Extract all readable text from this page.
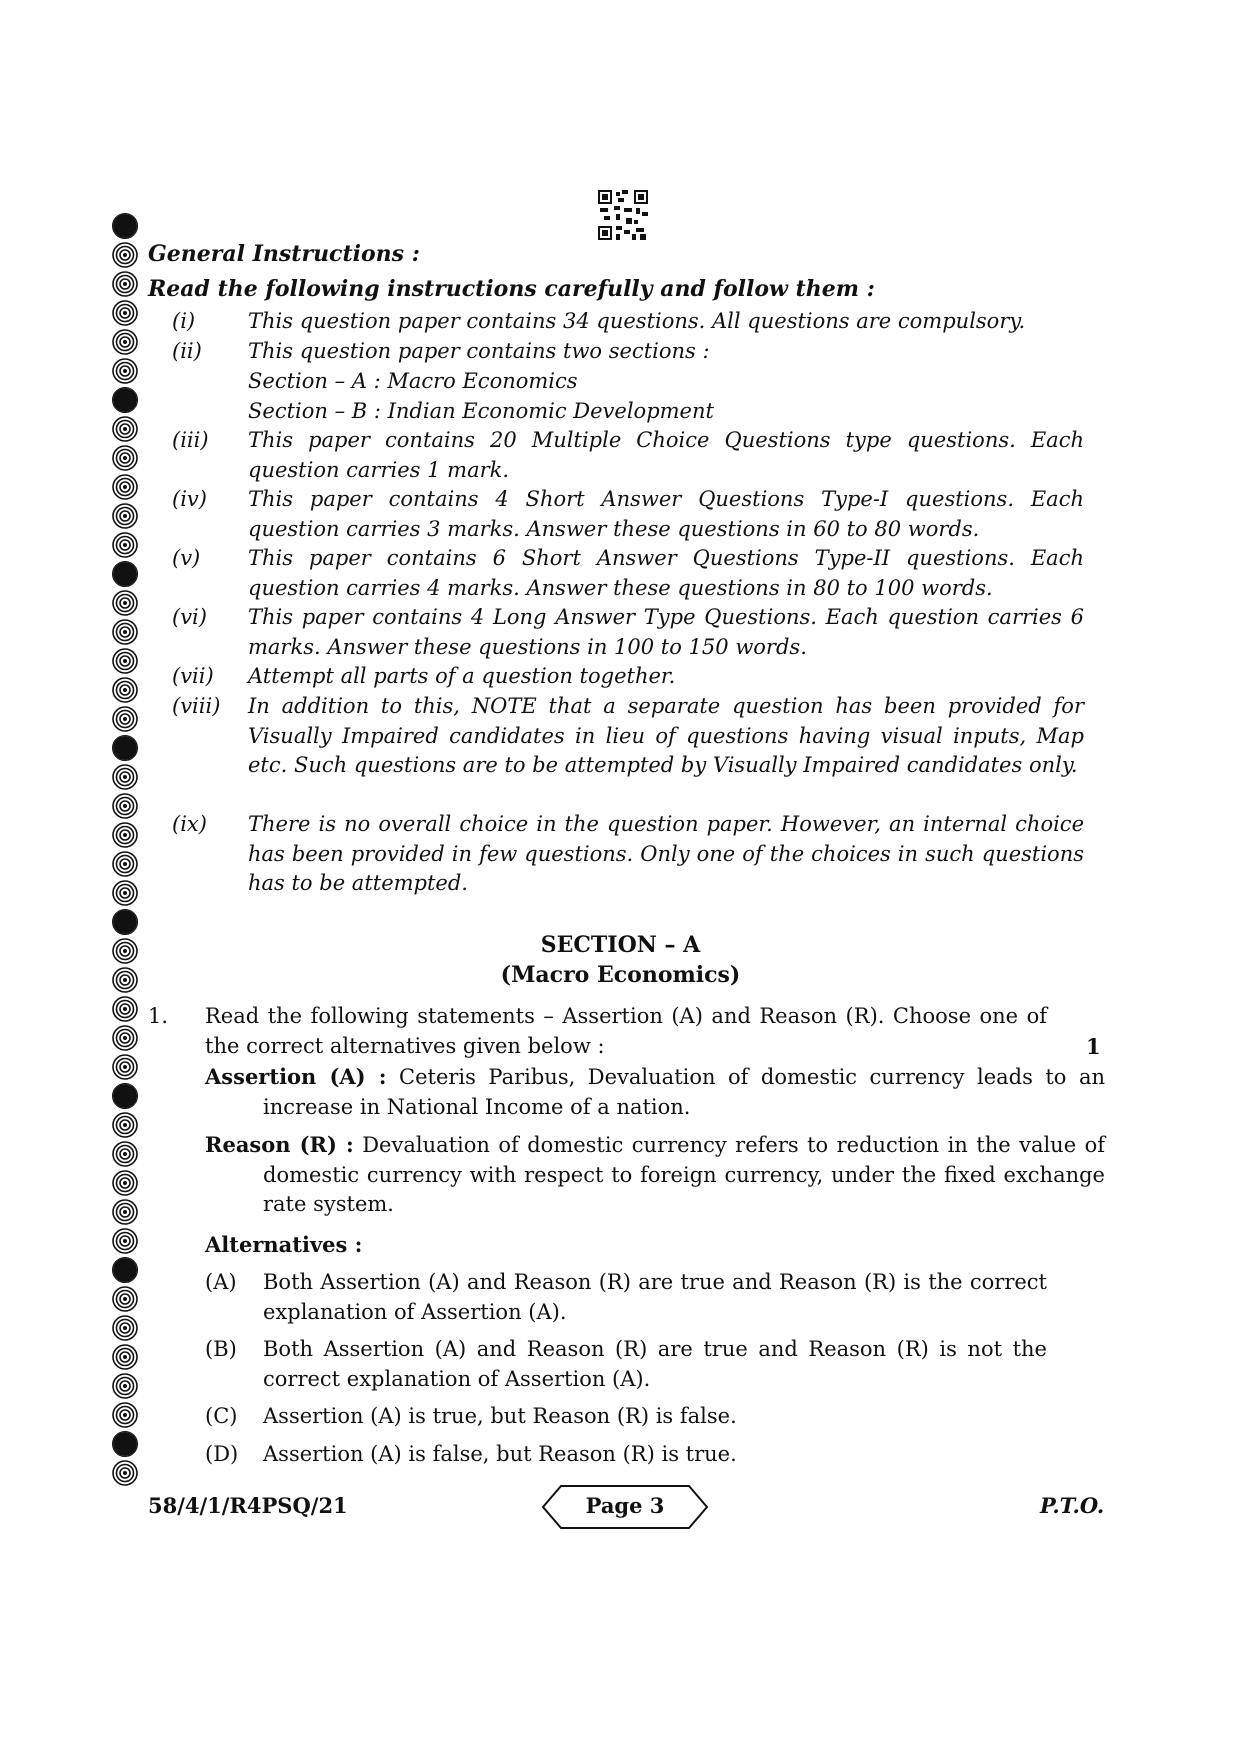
General Instructions :
Read the following instructions carefully and follow them :
(i)	This question paper contains 34 questions. All questions are compulsory.
(ii) This question paper contains two sections :
Section – A : Macro Economics
Section – B : Indian Economic Development
(iii) This paper contains 20 Multiple Choice Questions type questions. Each question carries 1 mark.
(iv) This paper contains 4 Short Answer Questions Type-I questions. Each question carries 3 marks. Answer these questions in 60 to 80 words.
(v) This paper contains 6 Short Answer Questions Type-II questions. Each question carries 4 marks. Answer these questions in 80 to 100 words.
(vi) This paper contains 4 Long Answer Type Questions. Each question carries 6 marks. Answer these questions in 100 to 150 words.
(vii) Attempt all parts of a question together.
(viii) In addition to this, NOTE that a separate question has been provided for Visually Impaired candidates in lieu of questions having visual inputs, Map etc. Such questions are to be attempted by Visually Impaired candidates only.
(ix) There is no overall choice in the question paper. However, an internal choice has been provided in few questions. Only one of the choices in such questions has to be attempted.
SECTION – A
(Macro Economics)
1. Read the following statements – Assertion (A) and Reason (R). Choose one of the correct alternatives given below :	1
Assertion (A) : Ceteris Paribus, Devaluation of domestic currency leads to an increase in National Income of a nation.
Reason (R) : Devaluation of domestic currency refers to reduction in the value of domestic currency with respect to foreign currency, under the fixed exchange rate system.
Alternatives :
(A) Both Assertion (A) and Reason (R) are true and Reason (R) is the correct explanation of Assertion (A).
(B) Both Assertion (A) and Reason (R) are true and Reason (R) is not the correct explanation of Assertion (A).
(C) Assertion (A) is true, but Reason (R) is false.
(D) Assertion (A) is false, but Reason (R) is true.
58/4/1/R4PSQ/21	Page 3	P.T.O.
